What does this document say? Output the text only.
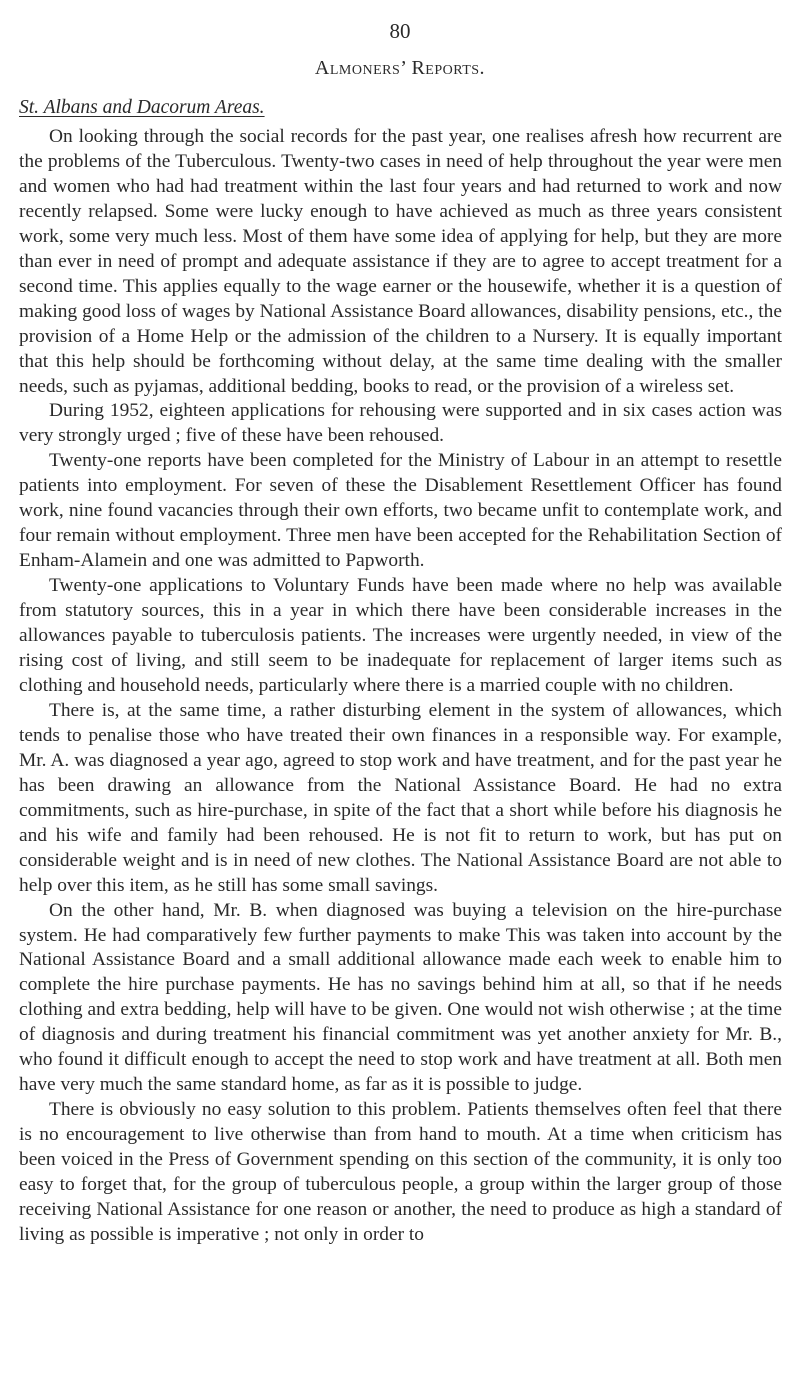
80
Almoners’ Reports.
St. Albans and Dacorum Areas.

On looking through the social records for the past year, one realises afresh how recurrent are the problems of the Tuberculous. Twenty-two cases in need of help throughout the year were men and women who had had treatment within the last four years and had returned to work and now recently relapsed. Some were lucky enough to have achieved as much as three years consistent work, some very much less. Most of them have some idea of applying for help, but they are more than ever in need of prompt and adequate assistance if they are to agree to accept treatment for a second time. This applies equally to the wage earner or the housewife, whether it is a question of making good loss of wages by National Assistance Board allowances, disability pensions, etc., the provision of a Home Help or the admission of the children to a Nursery. It is equally important that this help should be forthcoming without delay, at the same time dealing with the smaller needs, such as pyjamas, additional bedding, books to read, or the provision of a wireless set.

During 1952, eighteen applications for rehousing were supported and in six cases action was very strongly urged ; five of these have been rehoused.

Twenty-one reports have been completed for the Ministry of Labour in an attempt to resettle patients into employment. For seven of these the Disablement Resettlement Officer has found work, nine found vacancies through their own efforts, two became unfit to contemplate work, and four remain without employment. Three men have been accepted for the Rehabilitation Section of Enham-Alamein and one was admitted to Papworth.

Twenty-one applications to Voluntary Funds have been made where no help was available from statutory sources, this in a year in which there have been considerable increases in the allowances payable to tuberculosis patients. The increases were urgently needed, in view of the rising cost of living, and still seem to be inadequate for replacement of larger items such as clothing and household needs, particularly where there is a married couple with no children.

There is, at the same time, a rather disturbing element in the system of allowances, which tends to penalise those who have treated their own finances in a responsible way. For example, Mr. A. was diagnosed a year ago, agreed to stop work and have treatment, and for the past year he has been drawing an allowance from the National Assistance Board. He had no extra commitments, such as hire-purchase, in spite of the fact that a short while before his diagnosis he and his wife and family had been rehoused. He is not fit to return to work, but has put on considerable weight and is in need of new clothes. The National Assistance Board are not able to help over this item, as he still has some small savings.

On the other hand, Mr. B. when diagnosed was buying a television on the hire-purchase system. He had comparatively few further payments to make This was taken into account by the National Assistance Board and a small additional allowance made each week to enable him to complete the hire purchase payments. He has no savings behind him at all, so that if he needs clothing and extra bedding, help will have to be given. One would not wish otherwise ; at the time of diagnosis and during treatment his financial commitment was yet another anxiety for Mr. B., who found it difficult enough to accept the need to stop work and have treatment at all. Both men have very much the same standard home, as far as it is possible to judge.

There is obviously no easy solution to this problem. Patients themselves often feel that there is no encouragement to live otherwise than from hand to mouth. At a time when criticism has been voiced in the Press of Government spending on this section of the community, it is only too easy to forget that, for the group of tuberculous people, a group within the larger group of those receiving National Assistance for one reason or another, the need to produce as high a standard of living as possible is imperative ; not only in order to
